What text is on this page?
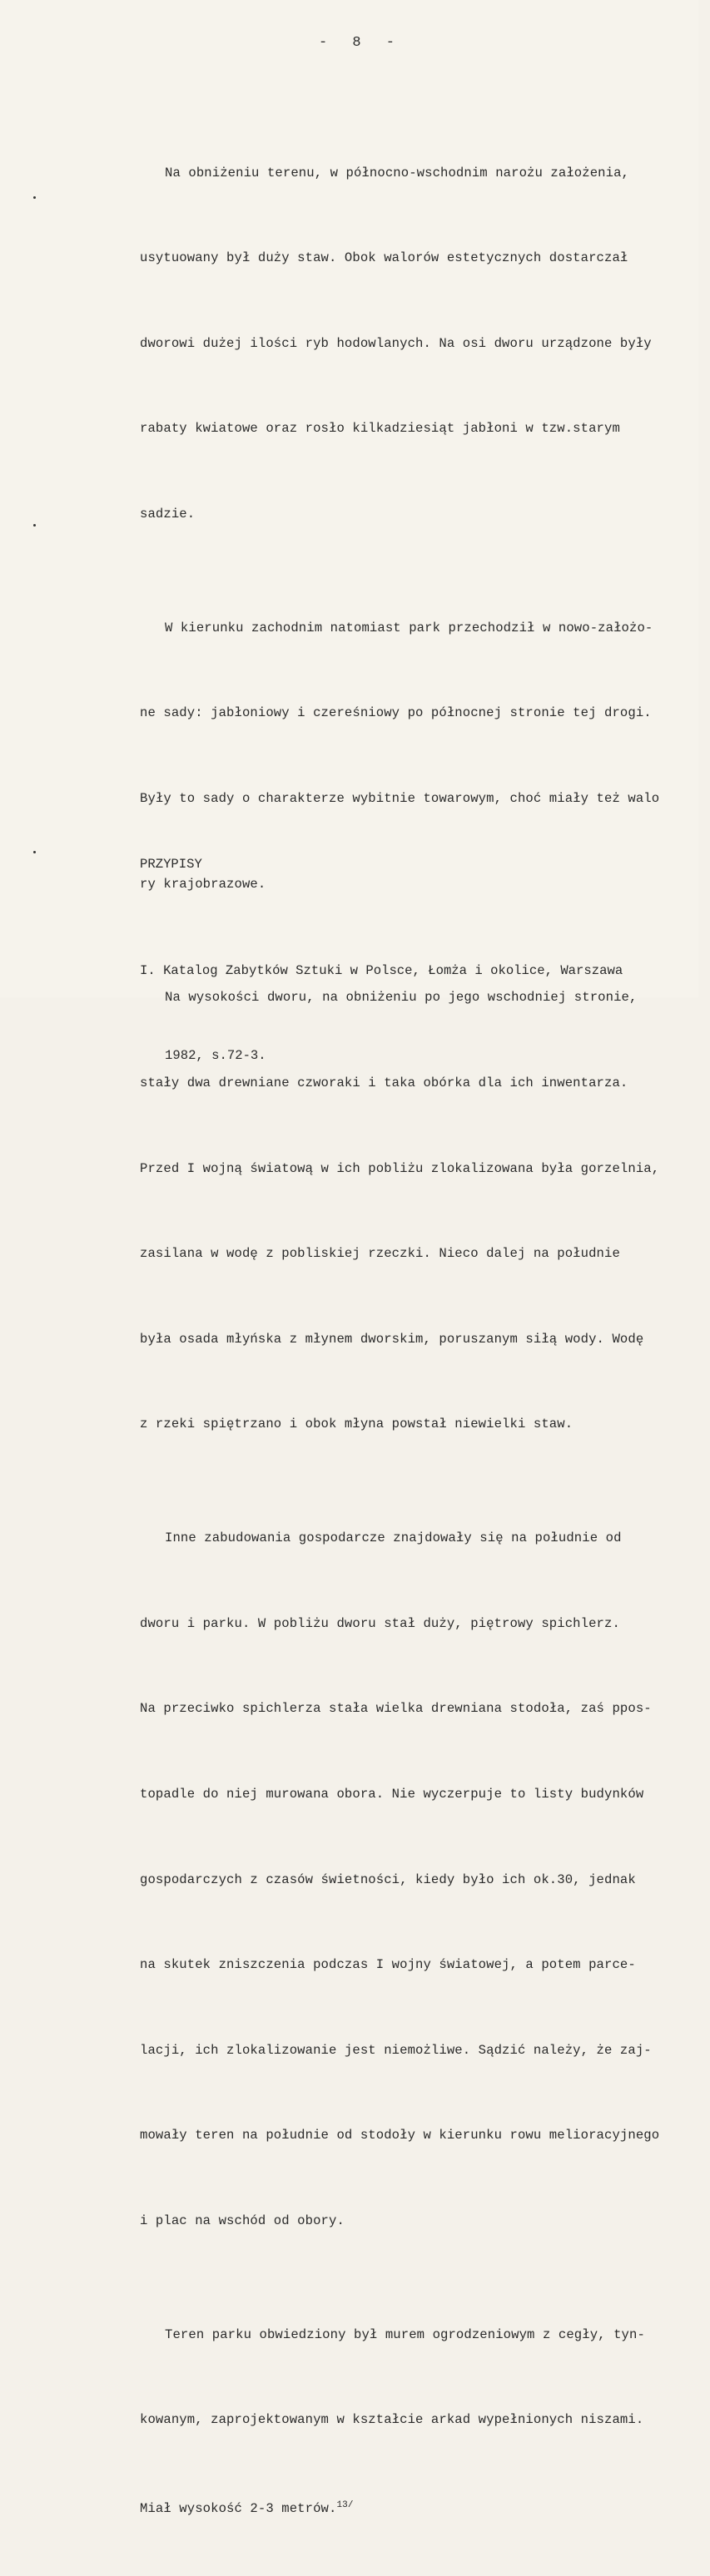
- 8 -

Na obniżeniu terenu, w północno-wschodnim narożu założenia,

usytuowany był duży staw. Obok walorów estetycznych dostarczał

dworowi dużej ilości ryb hodowlanych. Na osi dworu urządzone były

rabaty kwiatowe oraz rosło kilkadziesiąt jabłoni w tzw.starym

sadzie.

W kierunku zachodnim natomiast park przechodził w nowo-założo-

ne sady: jabłoniowy i czereśniowy po północnej stronie tej drogi.

Były to sady o charakterze wybitnie towarowym, choć miały też walo

ry krajobrazowe.

Na wysokości dworu, na obniżeniu po jego wschodniej stronie,

stały dwa drewniane czworaki i taka obórka dla ich inwentarza.

Przed I wojną światową w ich pobliżu zlokalizowana była gorzelnia,

zasilana w wodę z pobliskiej rzeczki. Nieco dalej na południe

była osada młyńska z młynem dworskim, poruszanym siłą wody. Wodę

z rzeki spiętrzano i obok młyna powstał niewielki staw.

Inne zabudowania gospodarcze znajdowały się na południe od

dworu i parku. W pobliżu dworu stał duży, piętrowy spichlerz.

Na przeciwko spichlerza stała wielka drewniana stodoła, zaś ppos-

topadle do niej murowana obora. Nie wyczerpuje to listy budynków

gospodarczych z czasów świetności, kiedy było ich ok.30, jednak

na skutek zniszczenia podczas I wojny światowej, a potem parce-

lacji, ich zlokalizowanie jest niemożliwe. Sądzić należy, że zaj-

mowały teren na południe od stodoły w kierunku rowu melioracyjnego

i plac na wschód od obory.

Teren parku obwiedziony był murem ogrodzeniowym z cegły, tyn-

kowanym, zaprojektowanym w kształcie arkad wypełnionych niszami.

Miał wysokość 2-3 metrów.$^{13/}$

PRZYPISY

I. Katalog Zabytków Sztuki w Polsce, Łomża i okolice, Warszawa

1982, s.72-3.
